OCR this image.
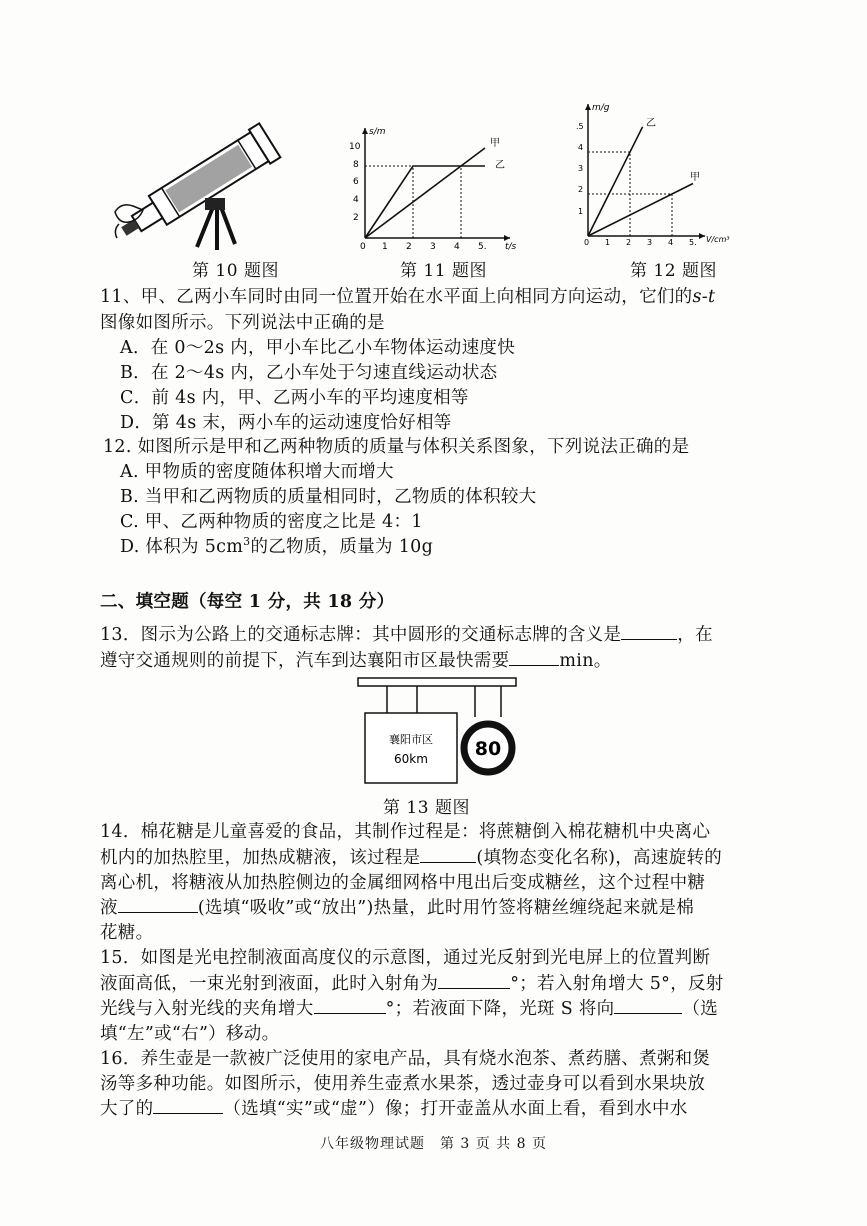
第 10 题图
s/m
t/s
0 1 2 3 4 5.
2
4
6
8
10	甲
乙
第 11 题图
m/g
V/cm³
0 1 2 3 4 5.
1
2
3
4
.5	乙
甲
第 12 题图
11、甲、乙两小车同时由同一位置开始在水平面上向相同方向运动，它们的s-t
图像如图所示。下列说法中正确的是
A．在 0～2s 内，甲小车比乙小车物体运动速度快
B．在 2～4s 内，乙小车处于匀速直线运动状态
C．前 4s 内，甲、乙两小车的平均速度相等
D．第 4s 末，两小车的运动速度恰好相等
12. 如图所示是甲和乙两种物质的质量与体积关系图象，下列说法正确的是
A. 甲物质的密度随体积增大而增大
B. 当甲和乙两物质的质量相同时，乙物质的体积较大
C. 甲、乙两种物质的密度之比是 4：1
D. 体积为 $5cm^3$的乙物质，质量为 10g
二、填空题（每空 1 分，共 18 分）
13．图示为公路上的交通标志牌：其中圆形的交通标志牌的含义是	，在
遵守交通规则的前提下，汽车到达襄阳市区最快需要	min。
襄阳市区
60km 80
第 13 题图
14．棉花糖是儿童喜爱的食品，其制作过程是：将蔗糖倒入棉花糖机中央离心
机内的加热腔里，加热成糖液，该过程是	(填物态变化名称)，高速旋转的
离心机，将糖液从加热腔侧边的金属细网格中甩出后变成糖丝，这个过程中糖
液	(选填“吸收”或“放出”)热量，此时用竹签将糖丝缠绕起来就是棉
花糖。
15．如图是光电控制液面高度仪的示意图，通过光反射到光电屏上的位置判断
液面高低，一束光射到液面，此时入射角为	°；若入射角增大 5°，反射
光线与入射光线的夹角增大	°；若液面下降，光斑 S 将向	（选
填“左”或“右”）移动。
16．养生壶是一款被广泛使用的家电产品，具有烧水泡茶、煮药膳、煮粥和煲
汤等多种功能。如图所示，使用养生壶煮水果茶，透过壶身可以看到水果块放
大了的	（选填“实”或“虚”）像；打开壶盖从水面上看，看到水中水
八年级物理试题　第 3 页 共 8 页
